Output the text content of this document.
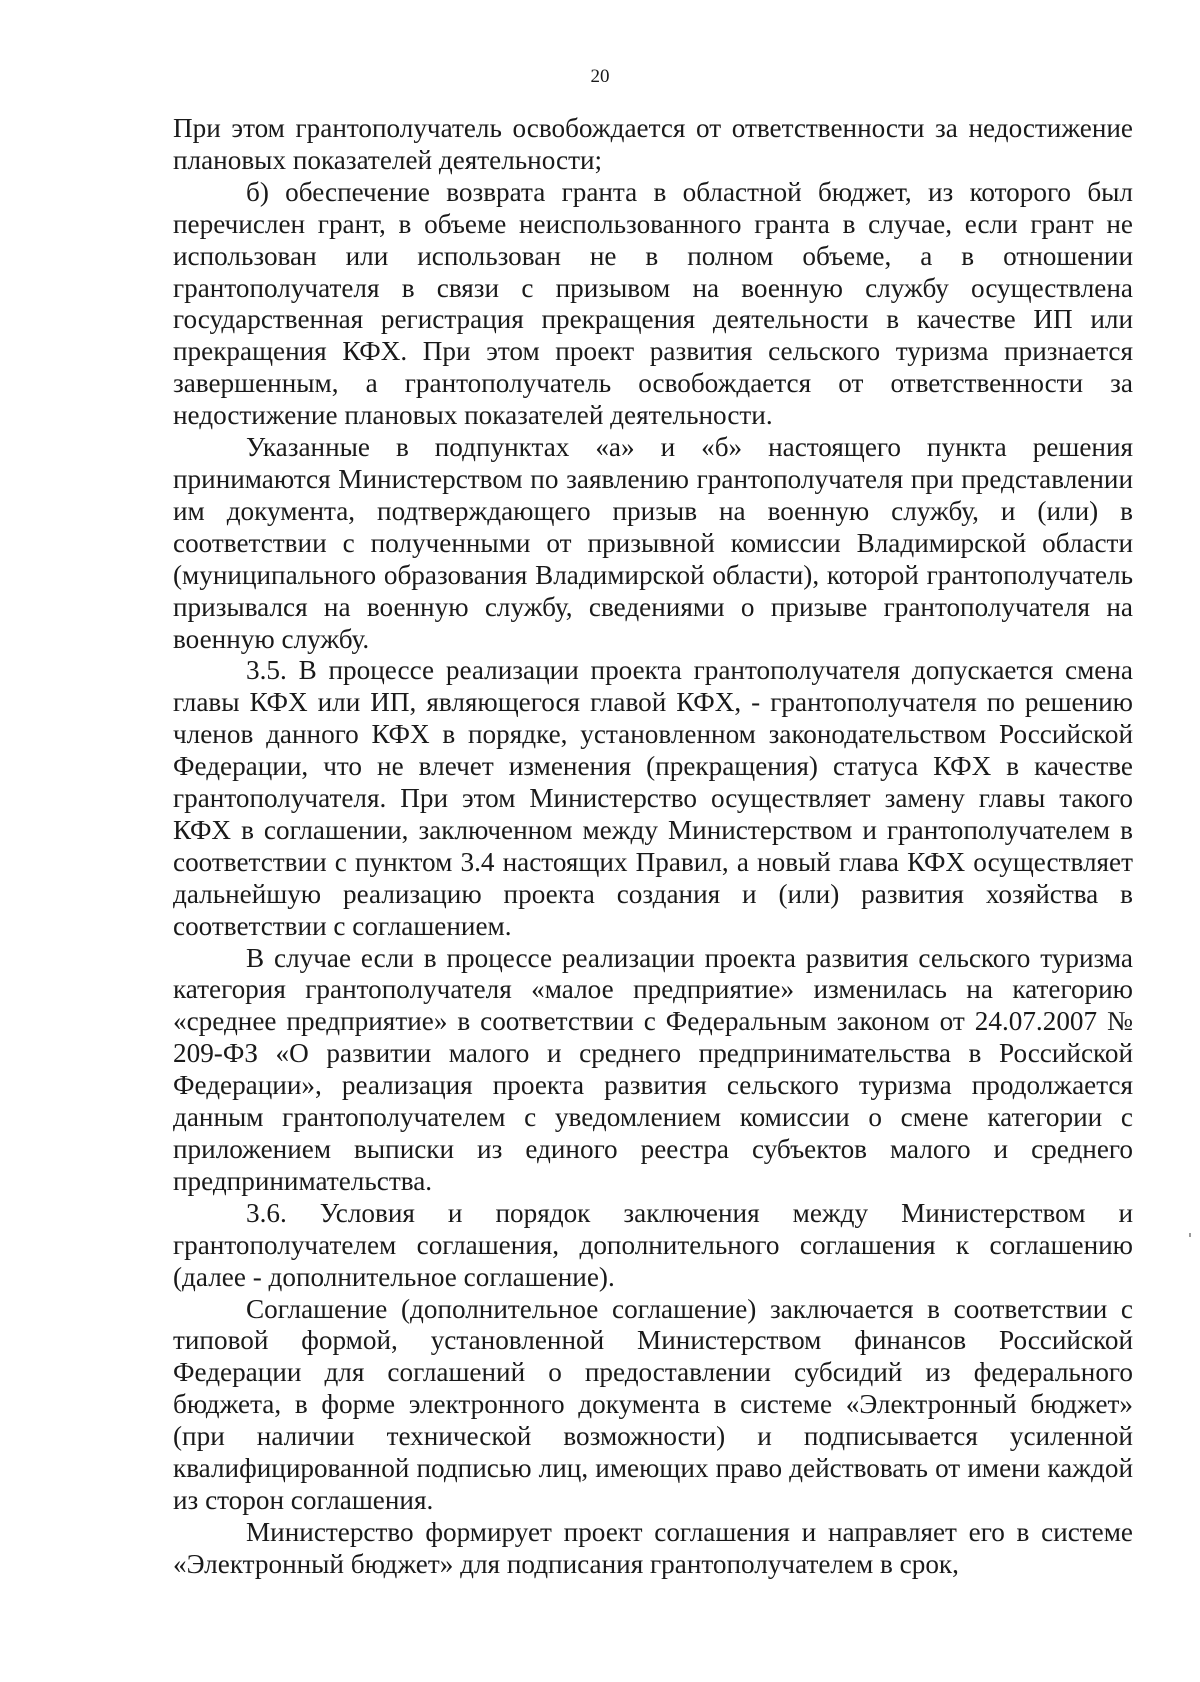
20

При этом грантополучатель освобождается от ответственности за недостижение плановых показателей деятельности;

б) обеспечение возврата гранта в областной бюджет, из которого был перечислен грант, в объеме неиспользованного гранта в случае, если грант не использован или использован не в полном объеме, а в отношении грантополучателя в связи с призывом на военную службу осуществлена государственная регистрация прекращения деятельности в качестве ИП или прекращения КФХ. При этом проект развития сельского туризма признается завершенным, а грантополучатель освобождается от ответственности за недостижение плановых показателей деятельности.

Указанные в подпунктах «а» и «б» настоящего пункта решения принимаются Министерством по заявлению грантополучателя при представлении им документа, подтверждающего призыв на военную службу, и (или) в соответствии с полученными от призывной комиссии Владимирской области (муниципального образования Владимирской области), которой грантополучатель призывался на военную службу, сведениями о призыве грантополучателя на военную службу.

3.5. В процессе реализации проекта грантополучателя допускается смена главы КФХ или ИП, являющегося главой КФХ, - грантополучателя по решению членов данного КФХ в порядке, установленном законодательством Российской Федерации, что не влечет изменения (прекращения) статуса КФХ в качестве грантополучателя. При этом Министерство осуществляет замену главы такого КФХ в соглашении, заключенном между Министерством и грантополучателем в соответствии с пунктом 3.4 настоящих Правил, а новый глава КФХ осуществляет дальнейшую реализацию проекта создания и (или) развития хозяйства в соответствии с соглашением.

В случае если в процессе реализации проекта развития сельского туризма категория грантополучателя «малое предприятие» изменилась на категорию «среднее предприятие» в соответствии с Федеральным законом от 24.07.2007 № 209-ФЗ «О развитии малого и среднего предпринимательства в Российской Федерации», реализация проекта развития сельского туризма продолжается данным грантополучателем с уведомлением комиссии о смене категории с приложением выписки из единого реестра субъектов малого и среднего предпринимательства.

3.6. Условия и порядок заключения между Министерством и грантополучателем соглашения, дополнительного соглашения к соглашению (далее - дополнительное соглашение).

Соглашение (дополнительное соглашение) заключается в соответствии с типовой формой, установленной Министерством финансов Российской Федерации для соглашений о предоставлении субсидий из федерального бюджета, в форме электронного документа в системе «Электронный бюджет» (при наличии технической возможности) и подписывается усиленной квалифицированной подписью лиц, имеющих право действовать от имени каждой из сторон соглашения.

Министерство формирует проект соглашения и направляет его в системе «Электронный бюджет» для подписания грантополучателем в срок,
